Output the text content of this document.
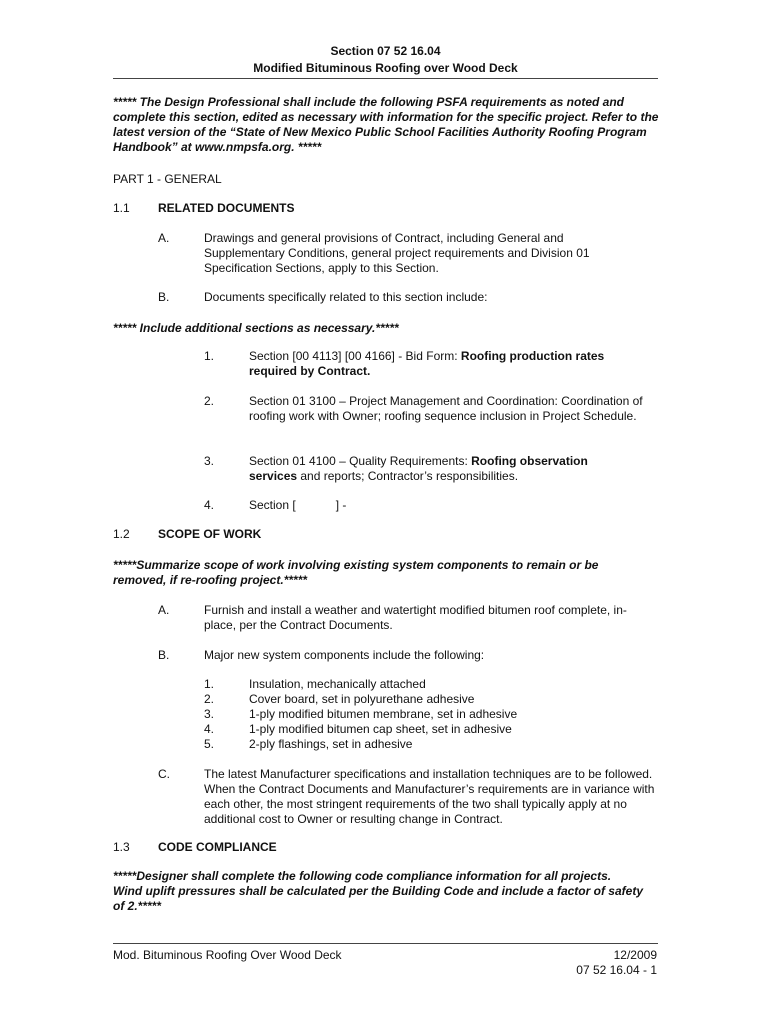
Section 07 52 16.04
Modified Bituminous Roofing over Wood Deck
***** The Design Professional shall include the following PSFA requirements as noted and complete this section, edited as necessary with information for the specific project. Refer to the latest version of the “State of New Mexico Public School Facilities Authority Roofing Program Handbook” at www.nmpsfa.org. *****
PART 1 - GENERAL
1.1 RELATED DOCUMENTS
A.	Drawings and general provisions of Contract, including General and Supplementary Conditions, general project requirements and Division 01 Specification Sections, apply to this Section.
B.	Documents specifically related to this section include:
***** Include additional sections as necessary.*****
1.	Section [00 4113] [00 4166] - Bid Form: Roofing production rates required by Contract.
2.	Section 01 3100 – Project Management and Coordination: Coordination of roofing work with Owner; roofing sequence inclusion in Project Schedule.
3.	Section 01 4100 – Quality Requirements: Roofing observation services and reports; Contractor’s responsibilities.
4.	Section [            ] -
1.2 SCOPE OF WORK
*****Summarize scope of work involving existing system components to remain or be removed, if re-roofing project.*****
A.	Furnish and install a weather and watertight modified bitumen roof complete, in-place, per the Contract Documents.
B.	Major new system components include the following:
1.	Insulation, mechanically attached
2.	Cover board, set in polyurethane adhesive
3.	1-ply modified bitumen membrane, set in adhesive
4.	1-ply modified bitumen cap sheet, set in adhesive
5.	2-ply flashings, set in adhesive
C.	The latest Manufacturer specifications and installation techniques are to be followed. When the Contract Documents and Manufacturer’s requirements are in variance with each other, the most stringent requirements of the two shall typically apply at no additional cost to Owner or resulting change in Contract.
1.3 CODE COMPLIANCE
*****Designer shall complete the following code compliance information for all projects. Wind uplift pressures shall be calculated per the Building Code and include a factor of safety of 2.*****
Mod. Bituminous Roofing Over Wood Deck	12/2009
07 52 16.04 - 1
